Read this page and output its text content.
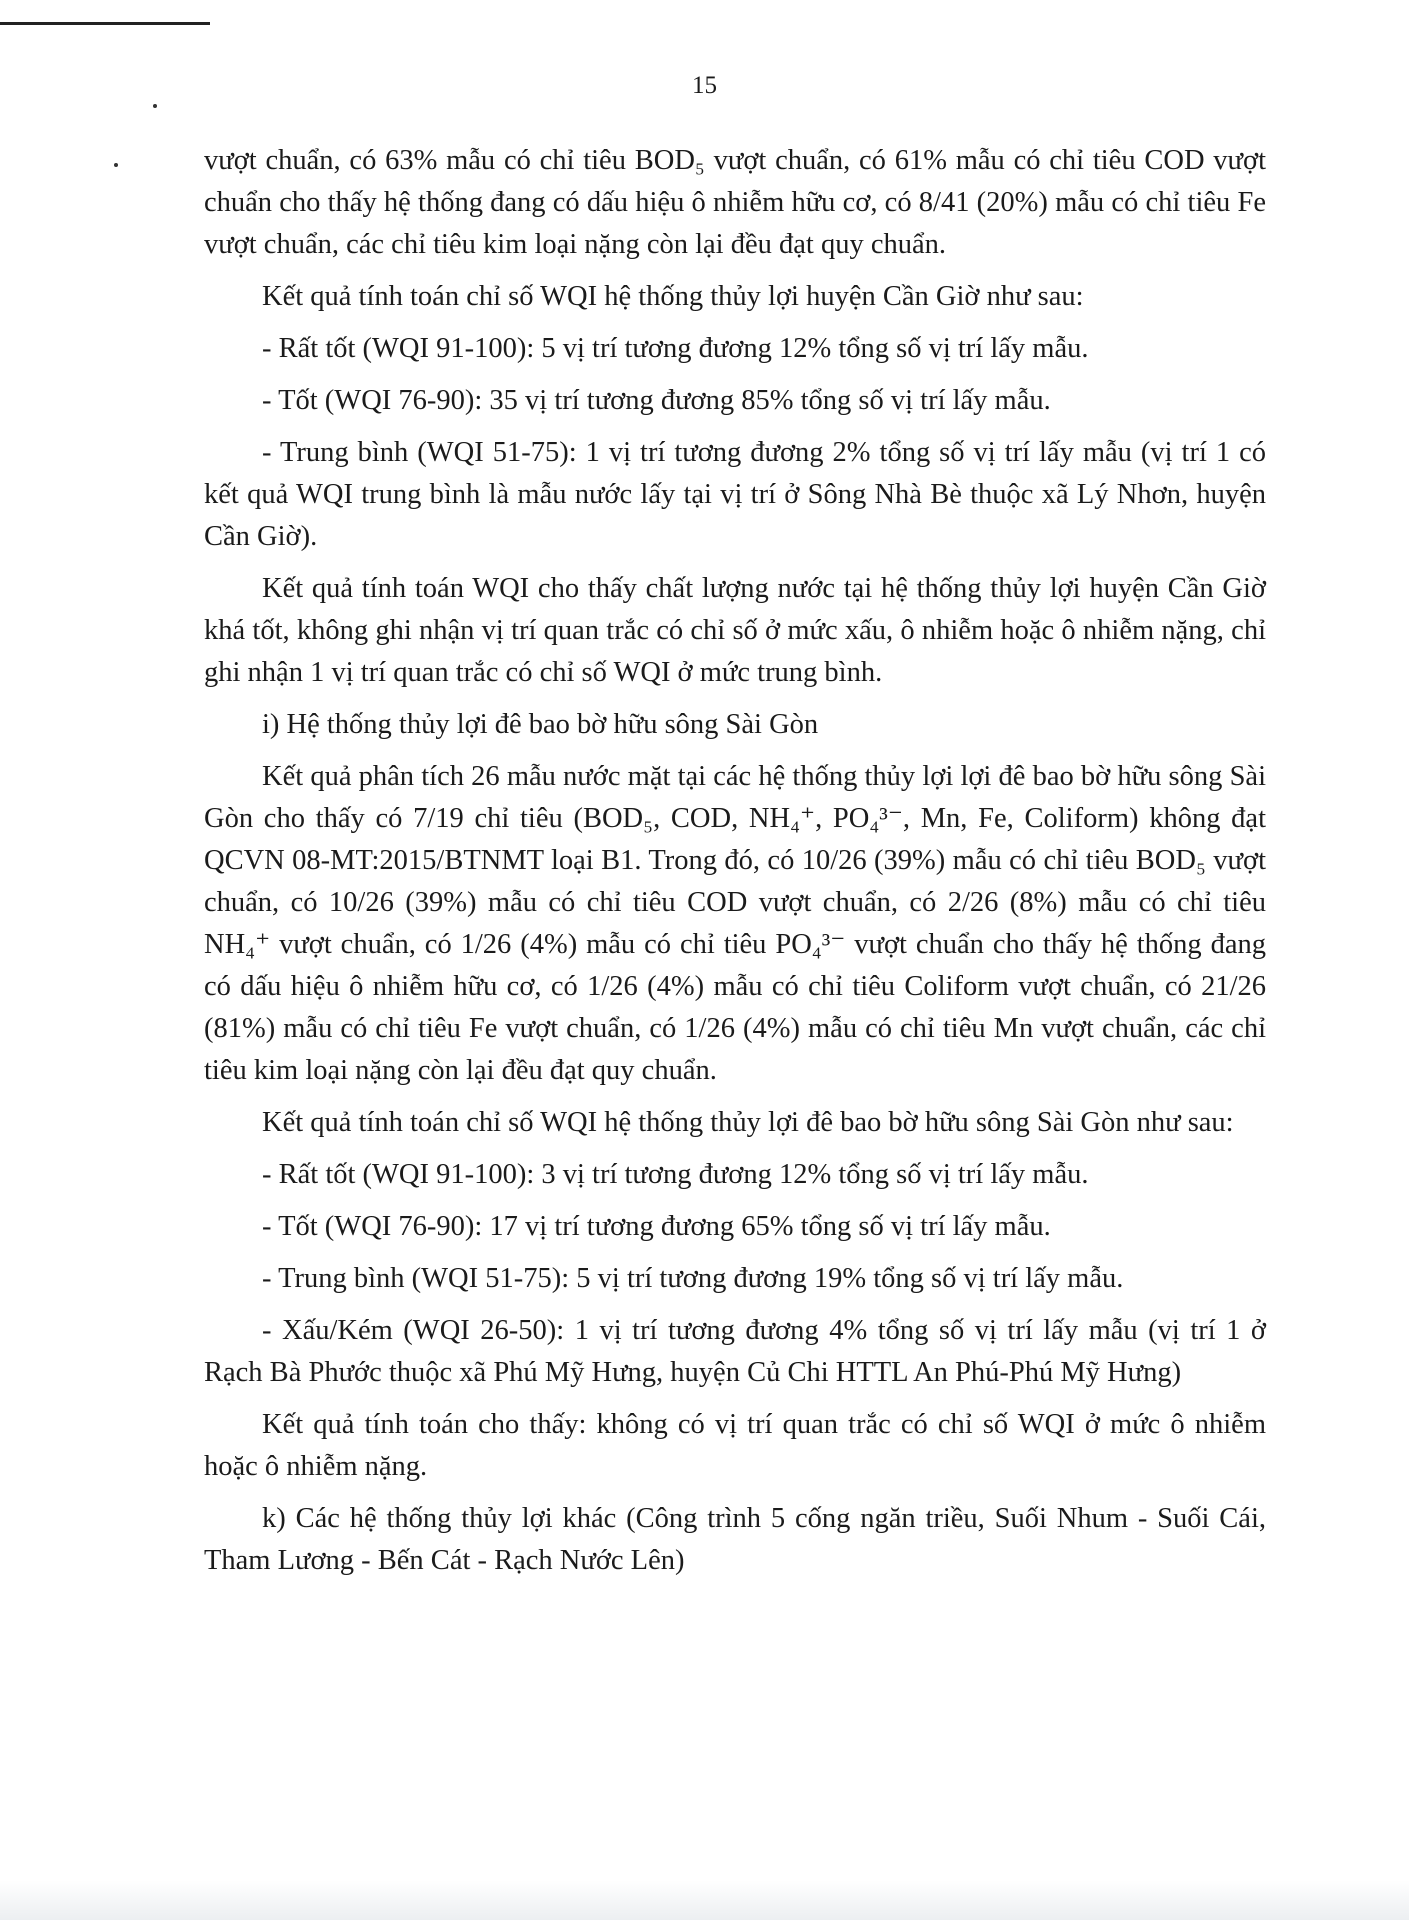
15

vượt chuẩn, có 63% mẫu có chỉ tiêu BOD₅ vượt chuẩn, có 61% mẫu có chỉ tiêu COD vượt chuẩn cho thấy hệ thống đang có dấu hiệu ô nhiễm hữu cơ, có 8/41 (20%) mẫu có chỉ tiêu Fe vượt chuẩn, các chỉ tiêu kim loại nặng còn lại đều đạt quy chuẩn.

Kết quả tính toán chỉ số WQI hệ thống thủy lợi huyện Cần Giờ như sau:

- Rất tốt (WQI 91-100): 5 vị trí tương đương 12% tổng số vị trí lấy mẫu.

- Tốt (WQI 76-90): 35 vị trí tương đương 85% tổng số vị trí lấy mẫu.

- Trung bình (WQI 51-75): 1 vị trí tương đương 2% tổng số vị trí lấy mẫu (vị trí 1 có kết quả WQI trung bình là mẫu nước lấy tại vị trí ở Sông Nhà Bè thuộc xã Lý Nhơn, huyện Cần Giờ).

Kết quả tính toán WQI cho thấy chất lượng nước tại hệ thống thủy lợi huyện Cần Giờ khá tốt, không ghi nhận vị trí quan trắc có chỉ số ở mức xấu, ô nhiễm hoặc ô nhiễm nặng, chỉ ghi nhận 1 vị trí quan trắc có chỉ số WQI ở mức trung bình.

i) Hệ thống thủy lợi đê bao bờ hữu sông Sài Gòn

Kết quả phân tích 26 mẫu nước mặt tại các hệ thống thủy lợi lợi đê bao bờ hữu sông Sài Gòn cho thấy có 7/19 chỉ tiêu (BOD₅, COD, NH₄⁺, PO₄³⁻, Mn, Fe, Coliform) không đạt QCVN 08-MT:2015/BTNMT loại B1. Trong đó, có 10/26 (39%) mẫu có chỉ tiêu BOD₅ vượt chuẩn, có 10/26 (39%) mẫu có chỉ tiêu COD vượt chuẩn, có 2/26 (8%) mẫu có chỉ tiêu NH₄⁺ vượt chuẩn, có 1/26 (4%) mẫu có chỉ tiêu PO₄³⁻ vượt chuẩn cho thấy hệ thống đang có dấu hiệu ô nhiễm hữu cơ, có 1/26 (4%) mẫu có chỉ tiêu Coliform vượt chuẩn, có 21/26 (81%) mẫu có chỉ tiêu Fe vượt chuẩn, có 1/26 (4%) mẫu có chỉ tiêu Mn vượt chuẩn, các chỉ tiêu kim loại nặng còn lại đều đạt quy chuẩn.

Kết quả tính toán chỉ số WQI hệ thống thủy lợi đê bao bờ hữu sông Sài Gòn như sau:

- Rất tốt (WQI 91-100): 3 vị trí tương đương 12% tổng số vị trí lấy mẫu.

- Tốt (WQI 76-90): 17 vị trí tương đương 65% tổng số vị trí lấy mẫu.

- Trung bình (WQI 51-75): 5 vị trí tương đương 19% tổng số vị trí lấy mẫu.

- Xấu/Kém (WQI 26-50): 1 vị trí tương đương 4% tổng số vị trí lấy mẫu (vị trí 1 ở Rạch Bà Phước thuộc xã Phú Mỹ Hưng, huyện Củ Chi HTTL An Phú-Phú Mỹ Hưng)

Kết quả tính toán cho thấy: không có vị trí quan trắc có chỉ số WQI ở mức ô nhiễm hoặc ô nhiễm nặng.

k) Các hệ thống thủy lợi khác (Công trình 5 cống ngăn triều, Suối Nhum - Suối Cái, Tham Lương - Bến Cát - Rạch Nước Lên)
